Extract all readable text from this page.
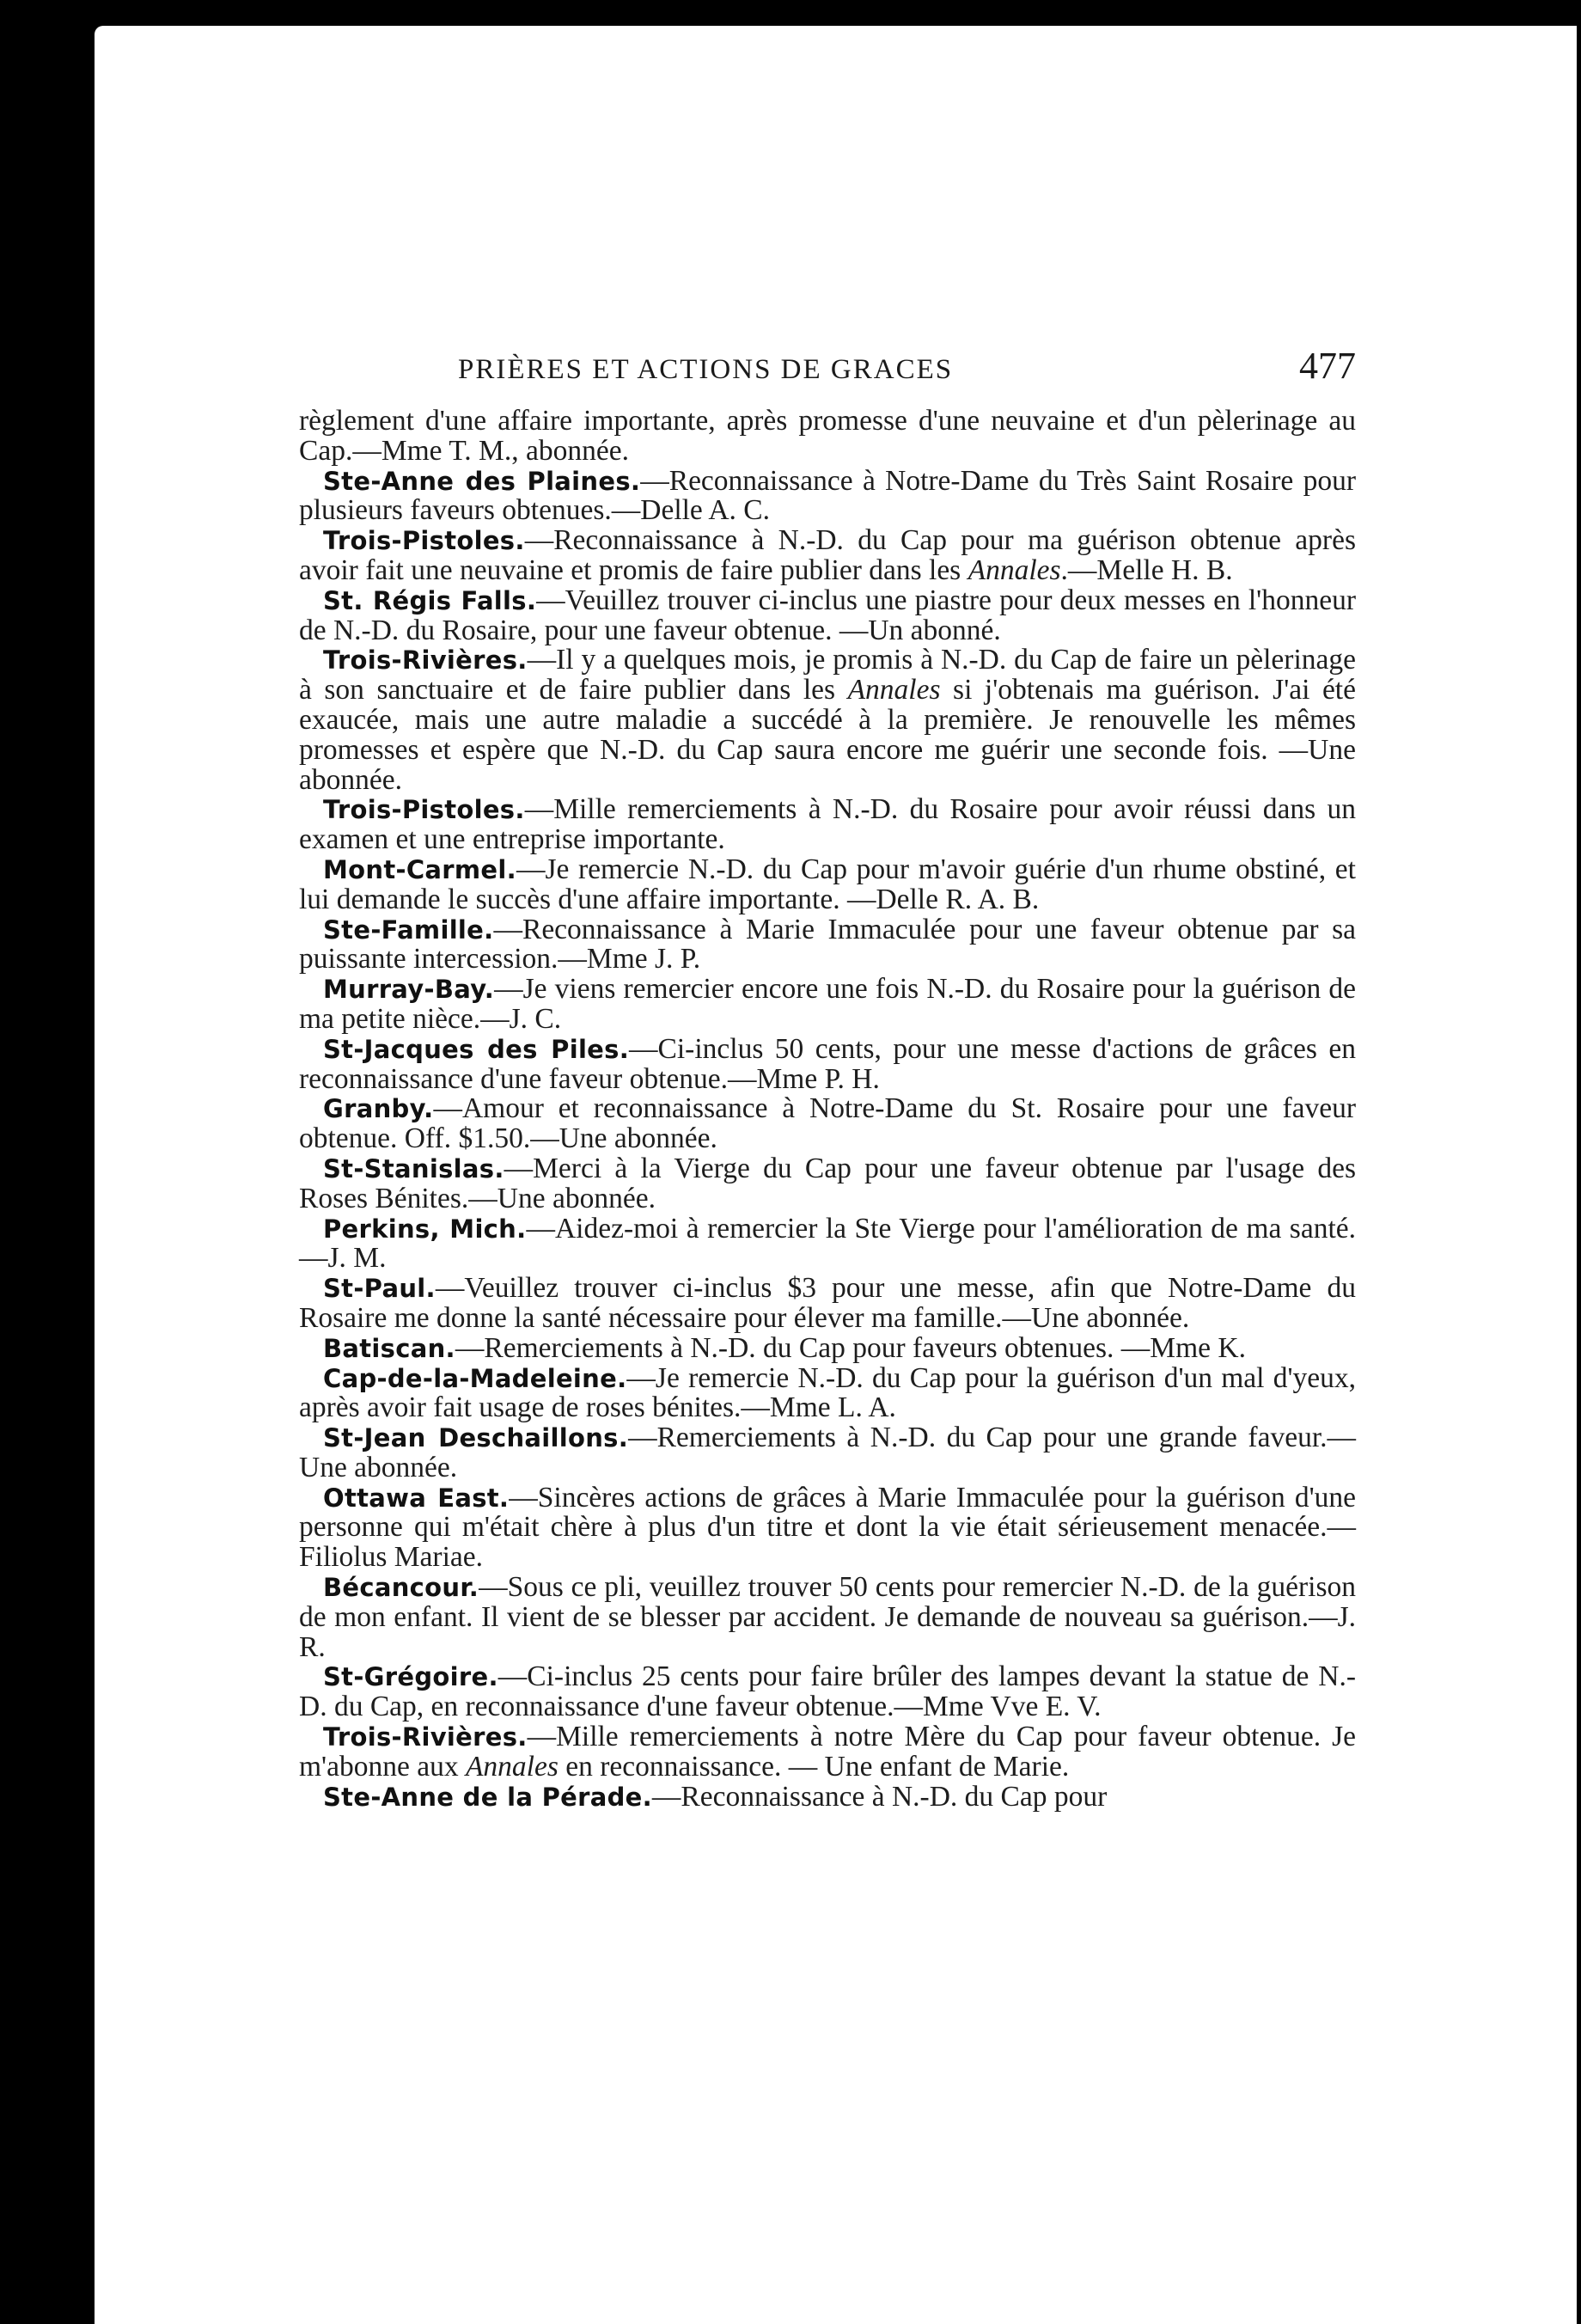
PRIÈRES ET ACTIONS DE GRACES	477

règlement d'une affaire importante, après promesse d'une neuvaine et d'un pèlerinage au Cap.—Mme T. M., abonnée.

Ste-Anne des Plaines.—Reconnaissance à Notre-Dame du Très Saint Rosaire pour plusieurs faveurs obtenues.—Delle A. C.

Trois-Pistoles.—Reconnaissance à N.-D. du Cap pour ma guérison obtenue après avoir fait une neuvaine et promis de faire publier dans les Annales.—Melle H. B.

St. Régis Falls.—Veuillez trouver ci-inclus une piastre pour deux messes en l'honneur de N.-D. du Rosaire, pour une faveur obtenue. —Un abonné.

Trois-Rivières.—Il y a quelques mois, je promis à N.-D. du Cap de faire un pèlerinage à son sanctuaire et de faire publier dans les Annales si j'obtenais ma guérison. J'ai été exaucée, mais une autre maladie a succédé à la première. Je renouvelle les mêmes promesses et espère que N.-D. du Cap saura encore me guérir une seconde fois. —Une abonnée.

Trois-Pistoles.—Mille remerciements à N.-D. du Rosaire pour avoir réussi dans un examen et une entreprise importante.

Mont-Carmel.—Je remercie N.-D. du Cap pour m'avoir guérie d'un rhume obstiné, et lui demande le succès d'une affaire importante. —Delle R. A. B.

Ste-Famille.—Reconnaissance à Marie Immaculée pour une faveur obtenue par sa puissante intercession.—Mme J. P.

Murray-Bay.—Je viens remercier encore une fois N.-D. du Rosaire pour la guérison de ma petite nièce.—J. C.

St-Jacques des Piles.—Ci-inclus 50 cents, pour une messe d'actions de grâces en reconnaissance d'une faveur obtenue.—Mme P. H.

Granby.—Amour et reconnaissance à Notre-Dame du St. Rosaire pour une faveur obtenue. Off. $1.50.—Une abonnée.

St-Stanislas.—Merci à la Vierge du Cap pour une faveur obtenue par l'usage des Roses Bénites.—Une abonnée.

Perkins, Mich.—Aidez-moi à remercier la Ste Vierge pour l'amélioration de ma santé.—J. M.

St-Paul.—Veuillez trouver ci-inclus $3 pour une messe, afin que Notre-Dame du Rosaire me donne la santé nécessaire pour élever ma famille.—Une abonnée.

Batiscan.—Remerciements à N.-D. du Cap pour faveurs obtenues. —Mme K.

Cap-de-la-Madeleine.—Je remercie N.-D. du Cap pour la guérison d'un mal d'yeux, après avoir fait usage de roses bénites.—Mme L. A.

St-Jean Deschaillons.—Remerciements à N.-D. du Cap pour une grande faveur.—Une abonnée.

Ottawa East.—Sincères actions de grâces à Marie Immaculée pour la guérison d'une personne qui m'était chère à plus d'un titre et dont la vie était sérieusement menacée.—Filiolus Mariae.

Bécancour.—Sous ce pli, veuillez trouver 50 cents pour remercier N.-D. de la guérison de mon enfant. Il vient de se blesser par accident. Je demande de nouveau sa guérison.—J. R.

St-Grégoire.—Ci-inclus 25 cents pour faire brûler des lampes devant la statue de N.-D. du Cap, en reconnaissance d'une faveur obtenue.—Mme Vve E. V.

Trois-Rivières.—Mille remerciements à notre Mère du Cap pour faveur obtenue. Je m'abonne aux Annales en reconnaissance. — Une enfant de Marie.

Ste-Anne de la Pérade.—Reconnaissance à N.-D. du Cap pour
